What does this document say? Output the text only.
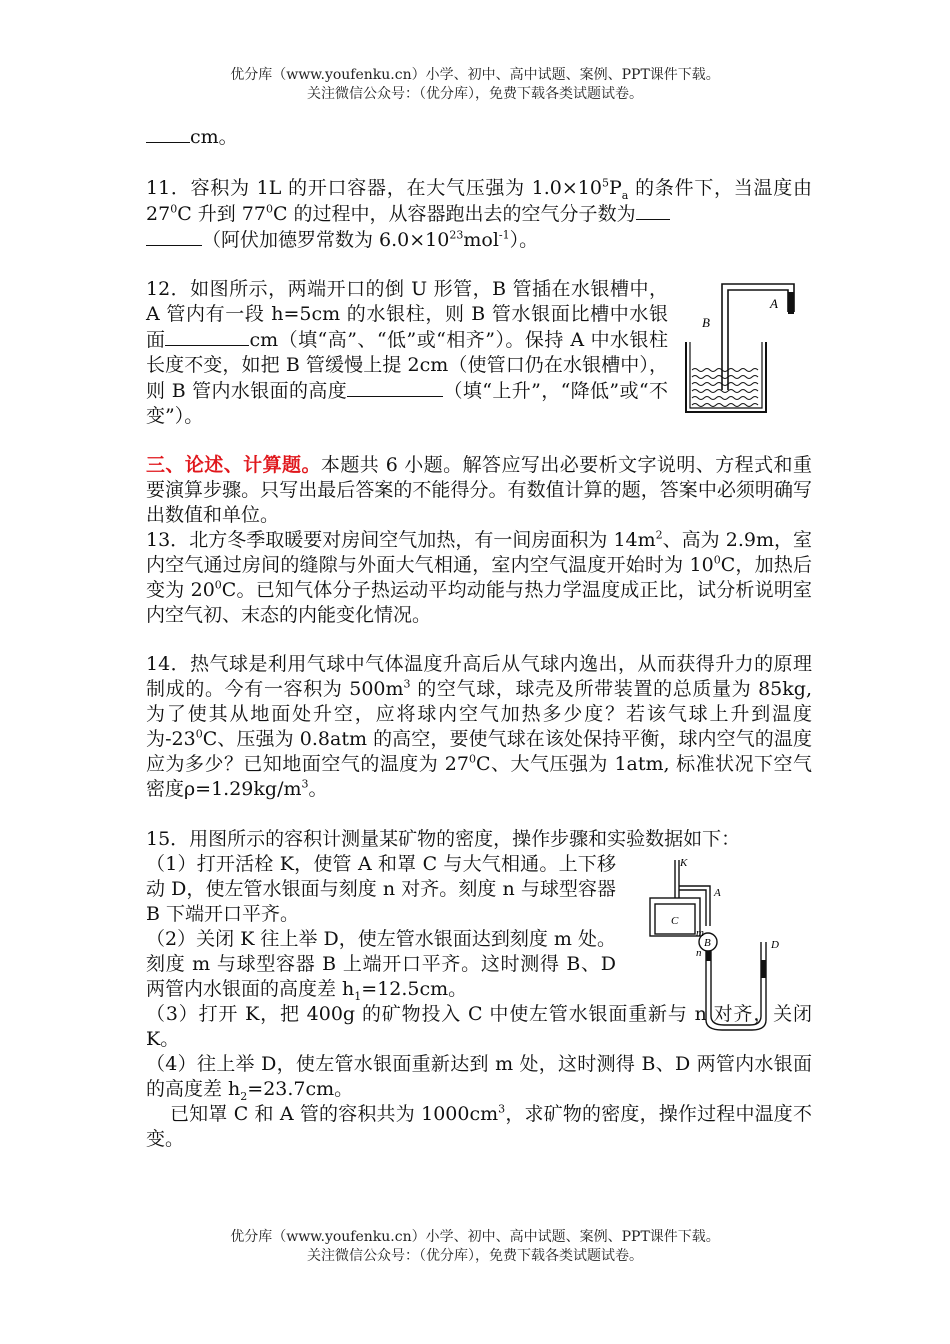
优分库（www.youfenku.cn）小学、初中、高中试题、案例、PPT课件下载。
关注微信公众号：（优分库），免费下载各类试题试卷。

cm。

11．容积为 1L 的开口容器，在大气压强为 $1.0\times 10^5P_a$ 的条件下，当温度由 $27^0C$ 升到 $77^0C$ 的过程中，从容器跑出去的空气分子数为
（阿伏加德罗常数为 $6.0\times 10^{23}mol^{-1}$）。

12．如图所示，两端开口的倒 U 形管，B 管插在水银槽中，A 管内有一段 h=5cm 的水银柱，则 B 管水银面比槽中水银面	cm（填“高”、“低”或“相齐”）。保持 A 中水银柱长度不变，如把 B 管缓慢上提 2cm（使管口仍在水银槽中），则 B 管内水银面的高度	（填“上升”，“降低”或“不变”）。

A
B

三、论述、计算题。本题共 6 小题。解答应写出必要析文字说明、方程式和重要演算步骤。只写出最后答案的不能得分。有数值计算的题，答案中必须明确写出数值和单位。

13．北方冬季取暖要对房间空气加热，有一间房面积为 $14m^2$、高为 2.9m，室内空气通过房间的缝隙与外面大气相通，室内空气温度开始时为 $10^0C$，加热后变为 $20^0C$。已知气体分子热运动平均动能与热力学温度成正比，试分析说明室内空气初、末态的内能变化情况。

14．热气球是利用气球中气体温度升高后从气球内逸出，从而获得升力的原理制成的。今有一容积为 $500m^3$ 的空气球，球壳及所带装置的总质量为 85kg, 为了使其从地面处升空，应将球内空气加热多少度？若该气球上升到温度为$-23^0C$、压强为 0.8atm 的高空，要使气球在该处保持平衡，球内空气的温度应为多少？已知地面空气的温度为 $27^0C$、大气压强为 1atm, 标准状况下空气密度$\rho=1.29kg/m^3$。

15．用图所示的容积计测量某矿物的密度，操作步骤和实验数据如下：

（1）打开活栓 K，使管 A 和罩 C 与大气相通。上下移动 D，使左管水银面与刻度 n 对齐。刻度 n 与球型容器 B 下端开口平齐。

（2）关闭 K 往上举 D，使左管水银面达到刻度 m 处。刻度 m 与球型容器 B 上端开口平齐。这时测得 B、D 两管内水银面的高度差 $h_1=12.5cm$。

K
A
C
B	D
m
n

（3）打开 K，把 400g 的矿物投入 C 中使左管水银面重新与 n 对齐，关闭 K。

（4）往上举 D，使左管水银面重新达到 m 处，这时测得 B、D 两管内水银面的高度差 $h_2=23.7cm$。

已知罩 C 和 A 管的容积共为 $1000cm^3$，求矿物的密度，操作过程中温度不变。

优分库（www.youfenku.cn）小学、初中、高中试题、案例、PPT课件下载。
关注微信公众号：（优分库），免费下载各类试题试卷。
